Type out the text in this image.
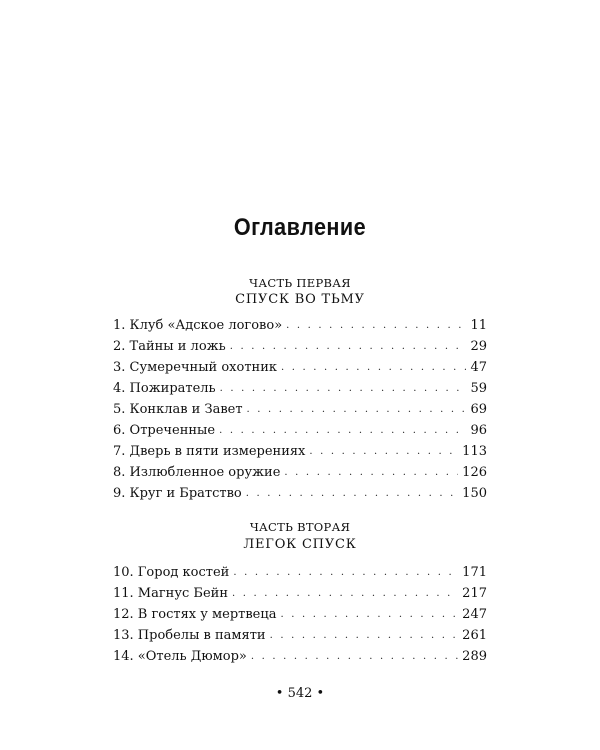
Оглавление
ЧАСТЬ ПЕРВАЯ
СПУСК ВО ТЬМУ
1. Клуб «Адское логово» . . .	11
2. Тайны и ложь . . .	29
3. Сумеречный охотник . . .	47
4. Пожиратель . . .	59
5. Конклав и Завет . . .	69
6. Отреченные . . .	96
7. Дверь в пяти измерениях . . .	113
8. Излюбленное оружие . . .	126
9. Круг и Братство . . .	150
ЧАСТЬ ВТОРАЯ
ЛЕГОК СПУСК
10. Город костей . . .	171
11. Магнус Бейн . . .	217
12. В гостях у мертвеца . . .	247
13. Пробелы в памяти . . .	261
14. «Отель Дюмор» . . .	289
• 542 •
